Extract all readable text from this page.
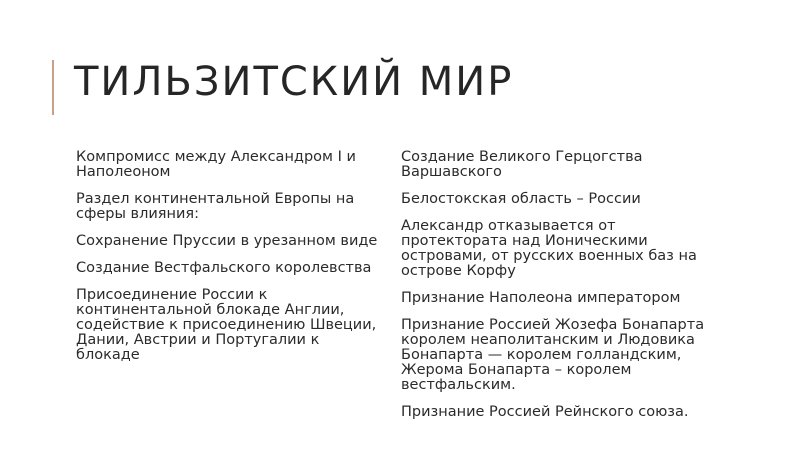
ТИЛЬЗИТСКИЙ МИР

Компромисс между Александром I и Наполеоном

Раздел континентальной Европы на сферы влияния:

Сохранение Пруссии в урезанном виде

Создание Вестфальского королевства

Присоединение России к континентальной блокаде Англии, содействие к присоединению Швеции, Дании, Австрии и Португалии к блокаде

Создание Великого Герцогства Варшавского

Белостокская область – России

Александр отказывается от протектората над Ионическими островами, от русских военных баз на острове Корфу

Признание Наполеона императором

Признание Россией Жозефа Бонапарта королем неаполитанским и Людовика Бонапарта — королем голландским, Жерома Бонапарта – королем вестфальским.

Признание Россией Рейнского союза.
